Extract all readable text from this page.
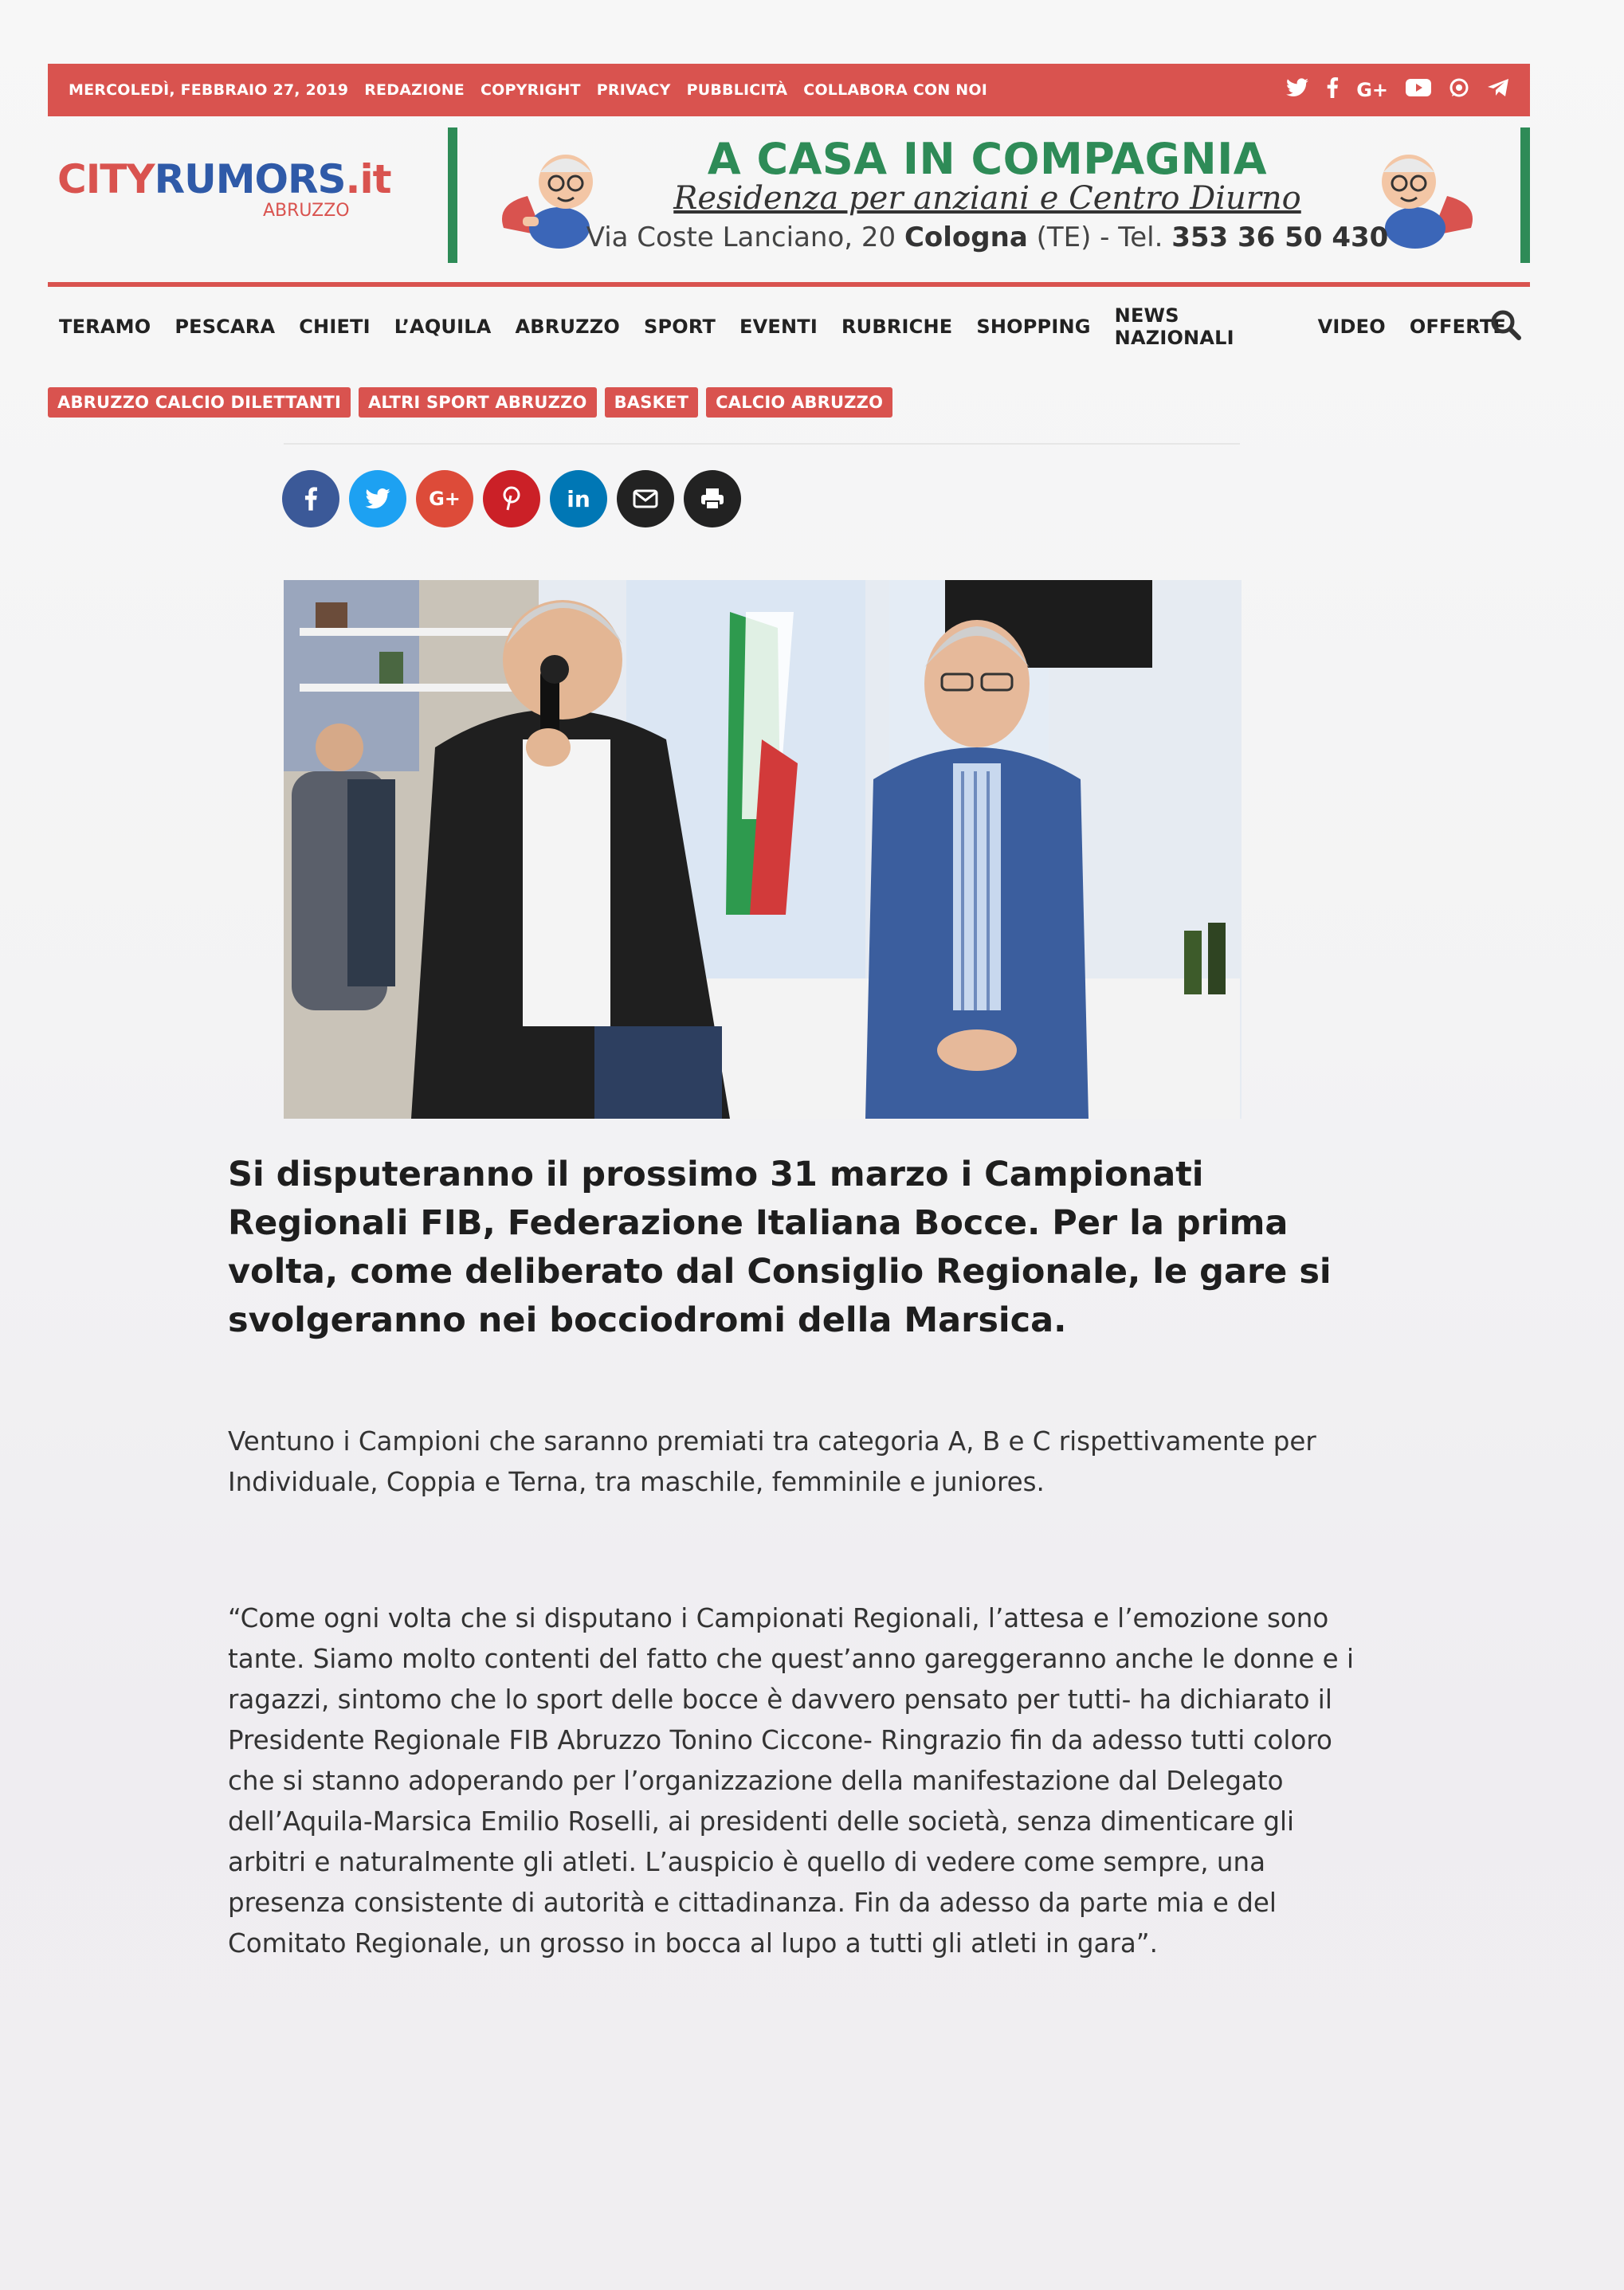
MERCOLEDÌ, FEBBRAIO 27, 2019 REDAZIONE COPYRIGHT PRIVACY PUBBLICITÀ COLLABORA CON NOI	G+
CITYRUMORS.it
ABRUZZO
A CASA IN COMPAGNIA
Residenza per anziani e Centro Diurno
Via Coste Lanciano, 20 Cologna (TE) - Tel. 353 36 50 430
TERAMO PESCARA CHIETI L’AQUILA ABRUZZO SPORT EVENTI RUBRICHE SHOPPING NEWS NAZIONALI	VIDEO OFFERTE
ABRUZZO CALCIO DILETTANTI	ALTRI SPORT ABRUZZO	BASKET	CALCIO ABRUZZO
G+	in
Si disputeranno il prossimo 31 marzo i Campionati Regionali FIB, Federazione Italiana Bocce. Per la prima volta, come deliberato dal Consiglio Regionale, le gare si svolgeranno nei bocciodromi della Marsica.

Ventuno i Campioni che saranno premiati tra categoria A, B e C rispettivamente per Individuale, Coppia e Terna, tra maschile, femminile e juniores.

“Come ogni volta che si disputano i Campionati Regionali, l’attesa e l’emozione sono tante. Siamo molto contenti del fatto che quest’anno gareggeranno anche le donne e i ragazzi, sintomo che lo sport delle bocce è davvero pensato per tutti- ha dichiarato il Presidente Regionale FIB Abruzzo Tonino Ciccone- Ringrazio fin da adesso tutti coloro che si stanno adoperando per l’organizzazione della manifestazione dal Delegato dell’Aquila-Marsica Emilio Roselli, ai presidenti delle società, senza dimenticare gli arbitri e naturalmente gli atleti. L’auspicio è quello di vedere come sempre, una presenza consistente di autorità e cittadinanza. Fin da adesso da parte mia e del Comitato Regionale, un grosso in bocca al lupo a tutti gli atleti in gara”.
